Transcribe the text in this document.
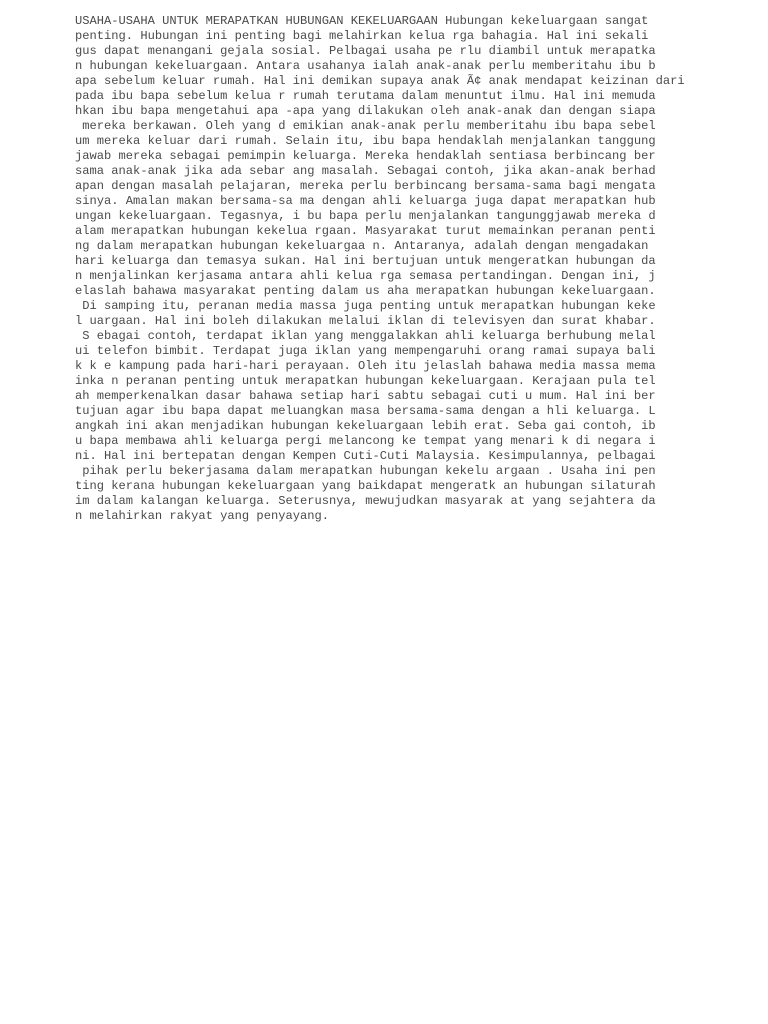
USAHA-USAHA UNTUK MERAPATKAN HUBUNGAN KEKELUARGAAN Hubungan kekeluargaan sangat
penting. Hubungan ini penting bagi melahirkan kelua rga bahagia. Hal ini sekali
gus dapat menangani gejala sosial. Pelbagai usaha pe rlu diambil untuk merapatka
n hubungan kekeluargaan. Antara usahanya ialah anak-anak perlu memberitahu ibu b
apa sebelum keluar rumah. Hal ini demikan supaya anak Ã¢ anak mendapat keizinan dari
pada ibu bapa sebelum kelua r rumah terutama dalam menuntut ilmu. Hal ini memuda
hkan ibu bapa mengetahui apa -apa yang dilakukan oleh anak-anak dan dengan siapa
mereka berkawan. Oleh yang d emikian anak-anak perlu memberitahu ibu bapa sebel
um mereka keluar dari rumah. Selain itu, ibu bapa hendaklah menjalankan tanggung
jawab mereka sebagai pemimpin keluarga. Mereka hendaklah sentiasa berbincang ber
sama anak-anak jika ada sebar ang masalah. Sebagai contoh, jika akan-anak berhad
apan dengan masalah pelajaran, mereka perlu berbincang bersama-sama bagi mengata
sinya. Amalan makan bersama-sa ma dengan ahli keluarga juga dapat merapatkan hub
ungan kekeluargaan. Tegasnya, i bu bapa perlu menjalankan tangunggjawab mereka d
alam merapatkan hubungan kekelua rgaan. Masyarakat turut memainkan peranan penti
ng dalam merapatkan hubungan kekeluargaa n. Antaranya, adalah dengan mengadakan
hari keluarga dan temasya sukan. Hal ini bertujuan untuk mengeratkan hubungan da
n menjalinkan kerjasama antara ahli kelua rga semasa pertandingan. Dengan ini, j
elaslah bahawa masyarakat penting dalam us aha merapatkan hubungan kekeluargaan.
Di samping itu, peranan media massa juga penting untuk merapatkan hubungan keke
l uargaan. Hal ini boleh dilakukan melalui iklan di televisyen dan surat khabar.
S ebagai contoh, terdapat iklan yang menggalakkan ahli keluarga berhubung melal
ui telefon bimbit. Terdapat juga iklan yang mempengaruhi orang ramai supaya bali
k k e kampung pada hari-hari perayaan. Oleh itu jelaslah bahawa media massa mema
inka n peranan penting untuk merapatkan hubungan kekeluargaan. Kerajaan pula tel
ah memperkenalkan dasar bahawa setiap hari sabtu sebagai cuti u mum. Hal ini ber
tujuan agar ibu bapa dapat meluangkan masa bersama-sama dengan a hli keluarga. L
angkah ini akan menjadikan hubungan kekeluargaan lebih erat. Seba gai contoh, ib
u bapa membawa ahli keluarga pergi melancong ke tempat yang menari k di negara i
ni. Hal ini bertepatan dengan Kempen Cuti-Cuti Malaysia. Kesimpulannya, pelbagai
pihak perlu bekerjasama dalam merapatkan hubungan kekelu argaan . Usaha ini pen
ting kerana hubungan kekeluargaan yang baikdapat mengeratk an hubungan silaturah
im dalam kalangan keluarga. Seterusnya, mewujudkan masyarak at yang sejahtera da
n melahirkan rakyat yang penyayang.
